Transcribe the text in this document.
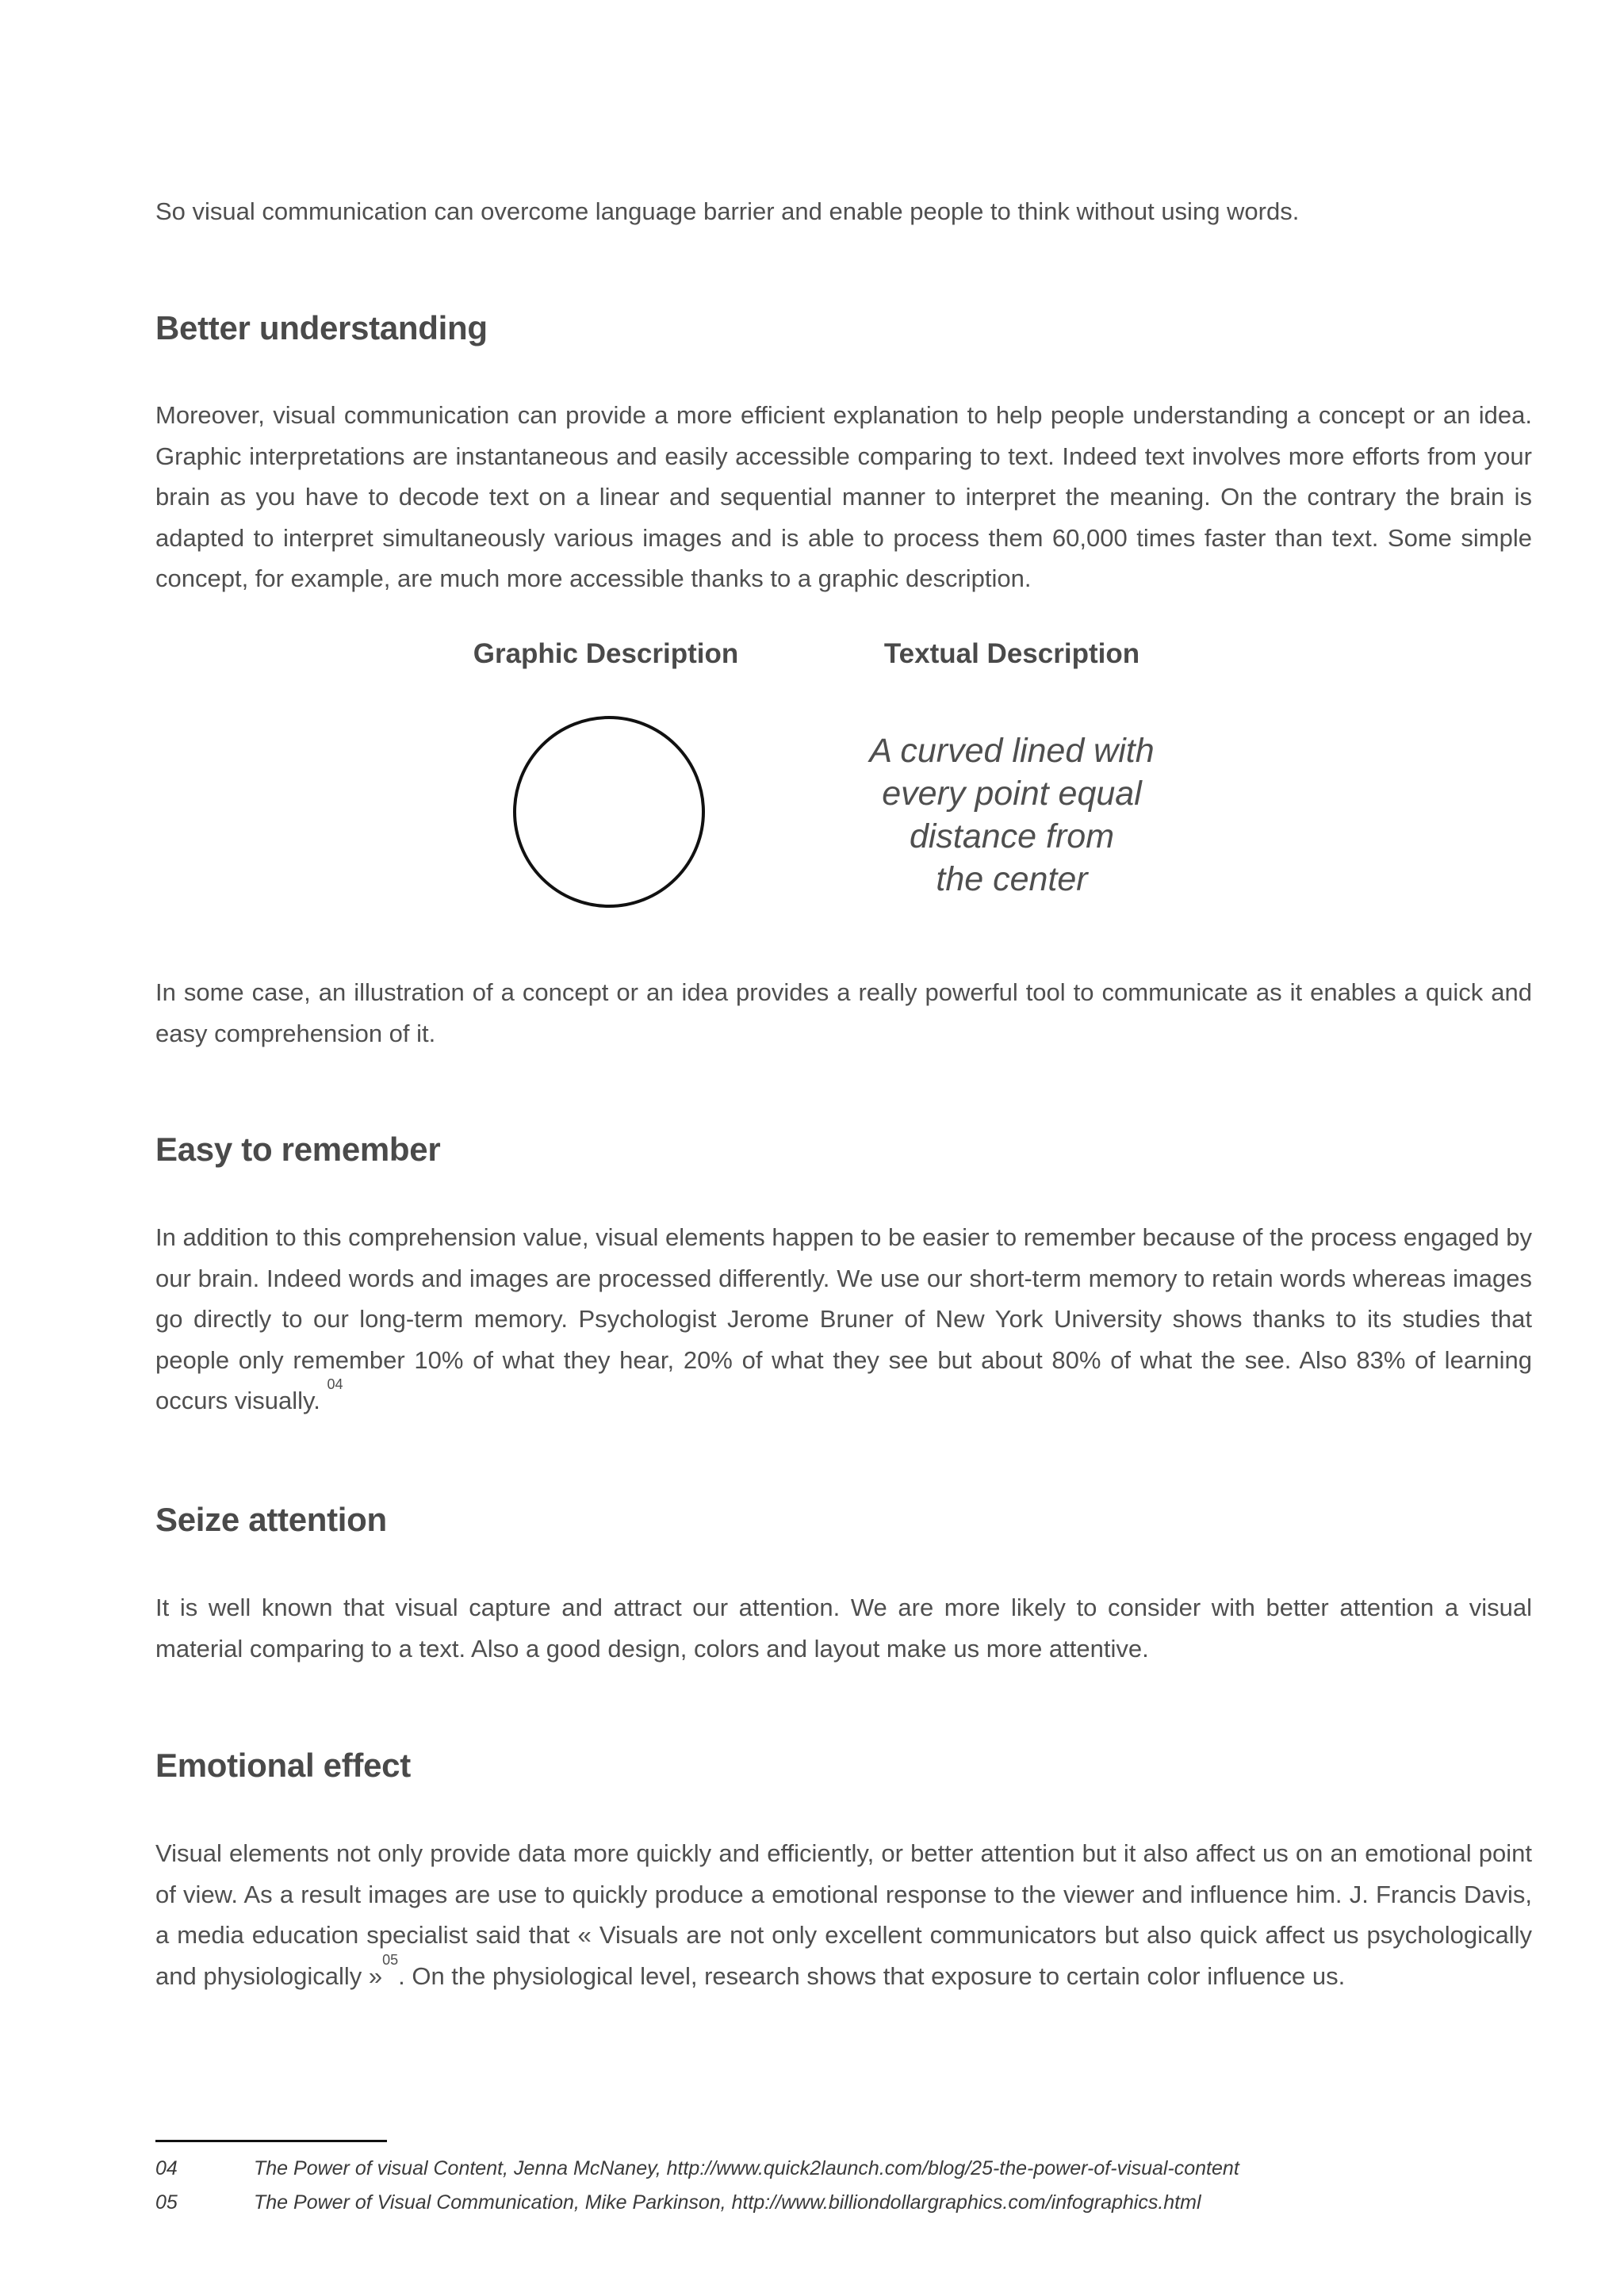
So visual communication can overcome language barrier and enable people to think without using words.

Better understanding

Moreover, visual communication can provide a more efficient explanation to help people understanding a concept or an idea. Graphic interpretations are instantaneous and easily accessible comparing to text. Indeed text involves more efforts from your brain as you have to decode text on a linear and sequential manner to interpret the meaning. On the contrary the brain is adapted to interpret simultaneously various images and is able to process them 60,000 times faster than text. Some simple concept, for example, are much more accessible thanks to a graphic description.

Graphic Description	Textual Description
A curved lined with
every point equal
distance from
the center

In some case, an illustration of a concept or an idea provides a really powerful tool to communicate as it enables a quick and easy comprehension of it.

Easy to remember

In addition to this comprehension value, visual elements happen to be easier to remember because of the process engaged by our brain. Indeed words and images are processed differently. We use our short-term memory to retain words whereas images go directly to our long-term memory. Psychologist Jerome Bruner of New York University shows thanks to its studies that people only remember 10% of what they hear, 20% of what they see but about 80% of what the see. Also 83% of learning occurs visually. $^{04}$

Seize attention

It is well known that visual capture and attract our attention. We are more likely to consider with better attention a visual material comparing to a text. Also a good design, colors and layout make us more attentive.

Emotional effect

Visual elements not only provide data more quickly and efficiently, or better attention but it also affect us on an emotional point of view. As a result images are use to quickly produce a emotional response to the viewer and influence him. J. Francis Davis, a media education specialist said that « Visuals are not only excellent communicators but also quick affect us psychologically and physiologically »$^{05}$. On the physiological level, research shows that exposure to certain color influence us.

04	The Power of visual Content, Jenna McNaney, http://www.quick2launch.com/blog/25-the-power-of-visual-content
05	The Power of Visual Communication, Mike Parkinson, http://www.billiondollargraphics.com/infographics.html
